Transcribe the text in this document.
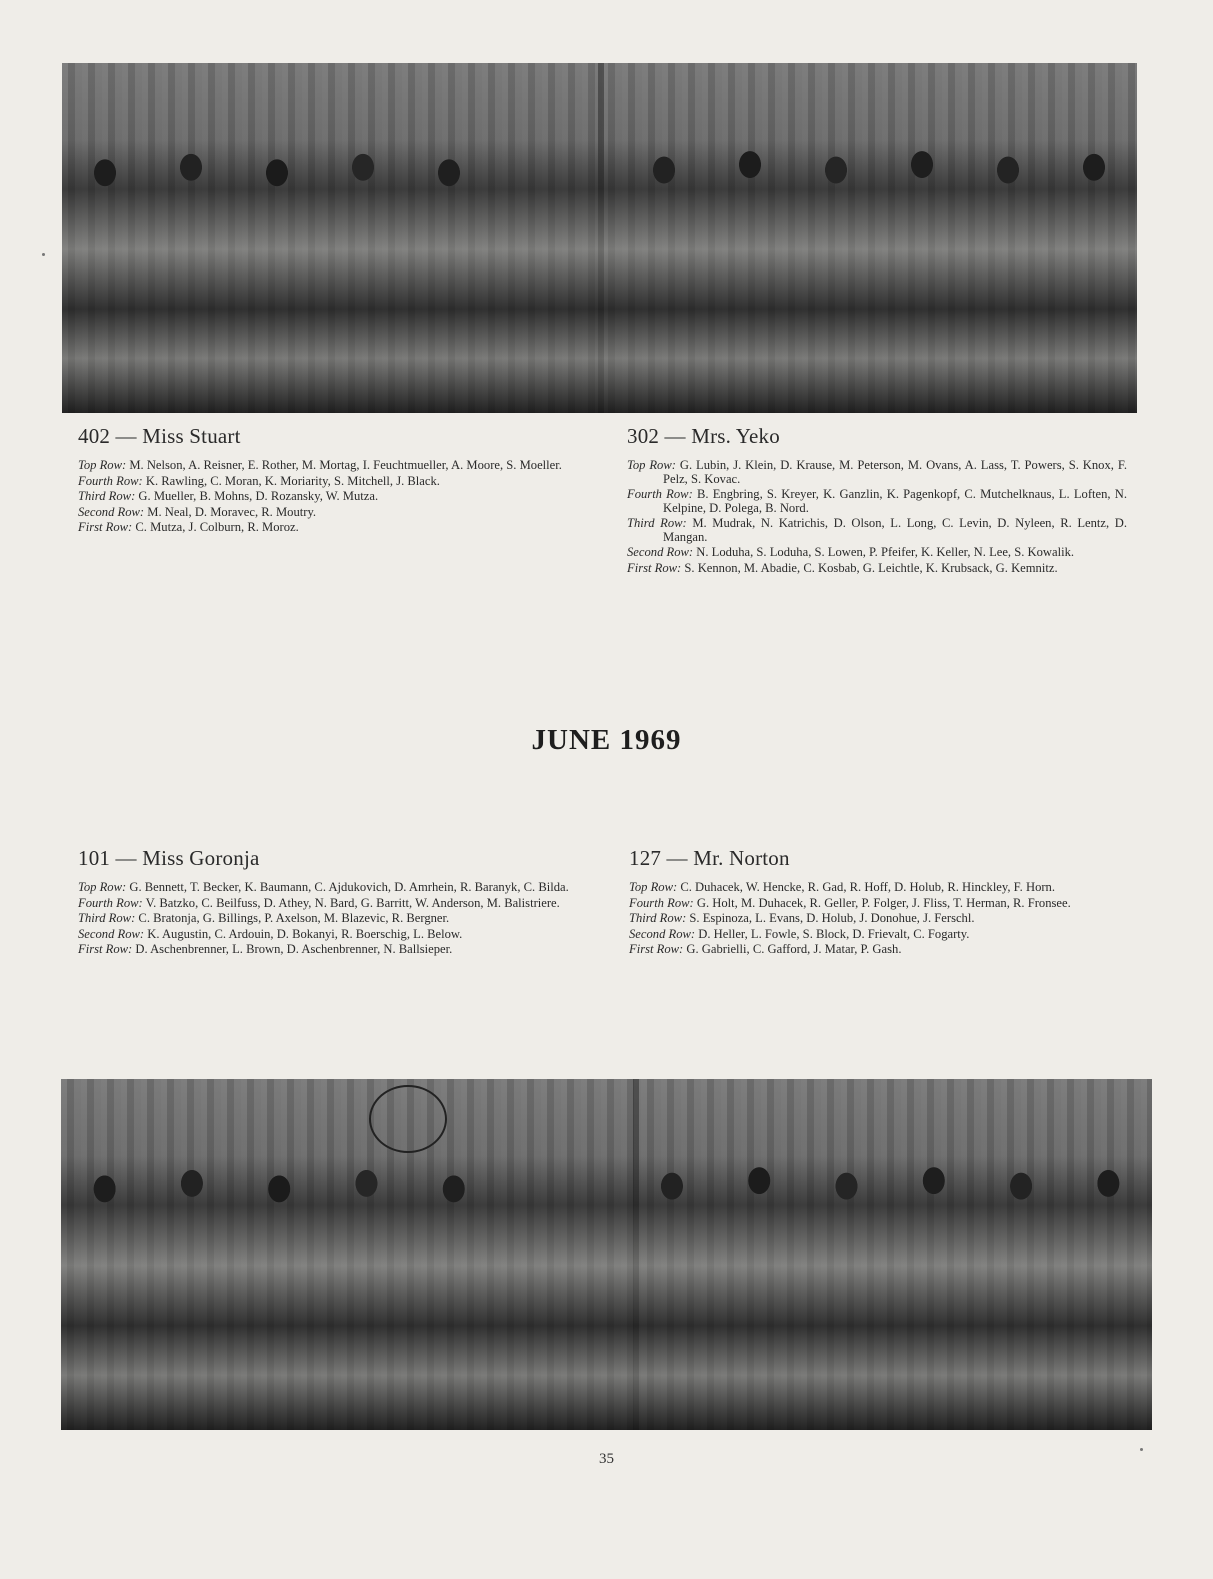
402 — Miss Stuart

Top Row: M. Nelson, A. Reisner, E. Rother, M. Mortag, I. Feuchtmueller, A. Moore, S. Moeller.

Fourth Row: K. Rawling, C. Moran, K. Moriarity, S. Mitchell, J. Black.

Third Row: G. Mueller, B. Mohns, D. Rozansky, W. Mutza.

Second Row: M. Neal, D. Moravec, R. Moutry.

First Row: C. Mutza, J. Colburn, R. Moroz.

302 — Mrs. Yeko

Top Row: G. Lubin, J. Klein, D. Krause, M. Peterson, M. Ovans, A. Lass, T. Powers, S. Knox, F. Pelz, S. Kovac.

Fourth Row: B. Engbring, S. Kreyer, K. Ganzlin, K. Pagenkopf, C. Mutchelknaus, L. Loften, N. Kelpine, D. Polega, B. Nord.

Third Row: M. Mudrak, N. Katrichis, D. Olson, L. Long, C. Levin, D. Nyleen, R. Lentz, D. Mangan.

Second Row: N. Loduha, S. Loduha, S. Lowen, P. Pfeifer, K. Keller, N. Lee, S. Kowalik.

First Row: S. Kennon, M. Abadie, C. Kosbab, G. Leichtle, K. Krubsack, G. Kemnitz.

JUNE 1969
101 — Miss Goronja

Top Row: G. Bennett, T. Becker, K. Baumann, C. Ajdukovich, D. Amrhein, R. Baranyk, C. Bilda.

Fourth Row: V. Batzko, C. Beilfuss, D. Athey, N. Bard, G. Barritt, W. Anderson, M. Balistriere.

Third Row: C. Bratonja, G. Billings, P. Axelson, M. Blazevic, R. Bergner.

Second Row: K. Augustin, C. Ardouin, D. Bokanyi, R. Boerschig, L. Below.

First Row: D. Aschenbrenner, L. Brown, D. Aschenbrenner, N. Ballsieper.

127 — Mr. Norton

Top Row: C. Duhacek, W. Hencke, R. Gad, R. Hoff, D. Holub, R. Hinckley, F. Horn.

Fourth Row: G. Holt, M. Duhacek, R. Geller, P. Folger, J. Fliss, T. Herman, R. Fronsee.

Third Row: S. Espinoza, L. Evans, D. Holub, J. Donohue, J. Ferschl.

Second Row: D. Heller, L. Fowle, S. Block, D. Frievalt, C. Fogarty.

First Row: G. Gabrielli, C. Gafford, J. Matar, P. Gash.

35
